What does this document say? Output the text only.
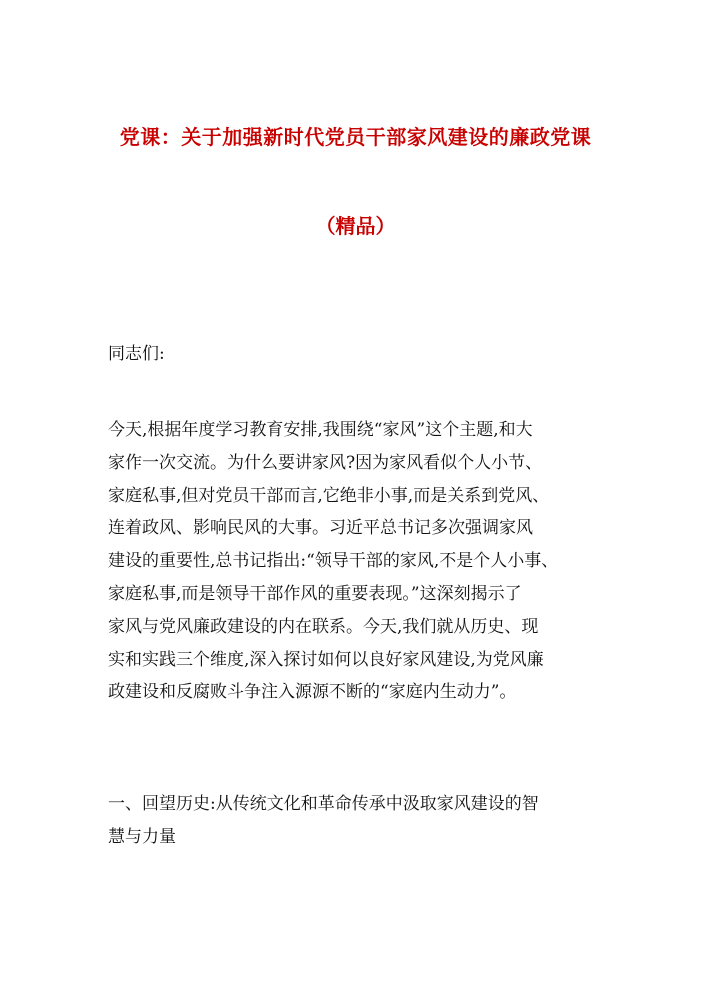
党课：关于加强新时代党员干部家风建设的廉政党课
（精品）
同志们:
今天,根据年度学习教育安排,我围绕“家风”这个主题,和大
家作一次交流。为什么要讲家风?因为家风看似个人小节、
家庭私事,但对党员干部而言,它绝非小事,而是关系到党风、
连着政风、影响民风的大事。习近平总书记多次强调家风
建设的重要性,总书记指出:“领导干部的家风,不是个人小事、
家庭私事,而是领导干部作风的重要表现。”这深刻揭示了
家风与党风廉政建设的内在联系。今天,我们就从历史、现
实和实践三个维度,深入探讨如何以良好家风建设,为党风廉
政建设和反腐败斗争注入源源不断的“家庭内生动力”。
一、回望历史:从传统文化和革命传承中汲取家风建设的智
慧与力量
